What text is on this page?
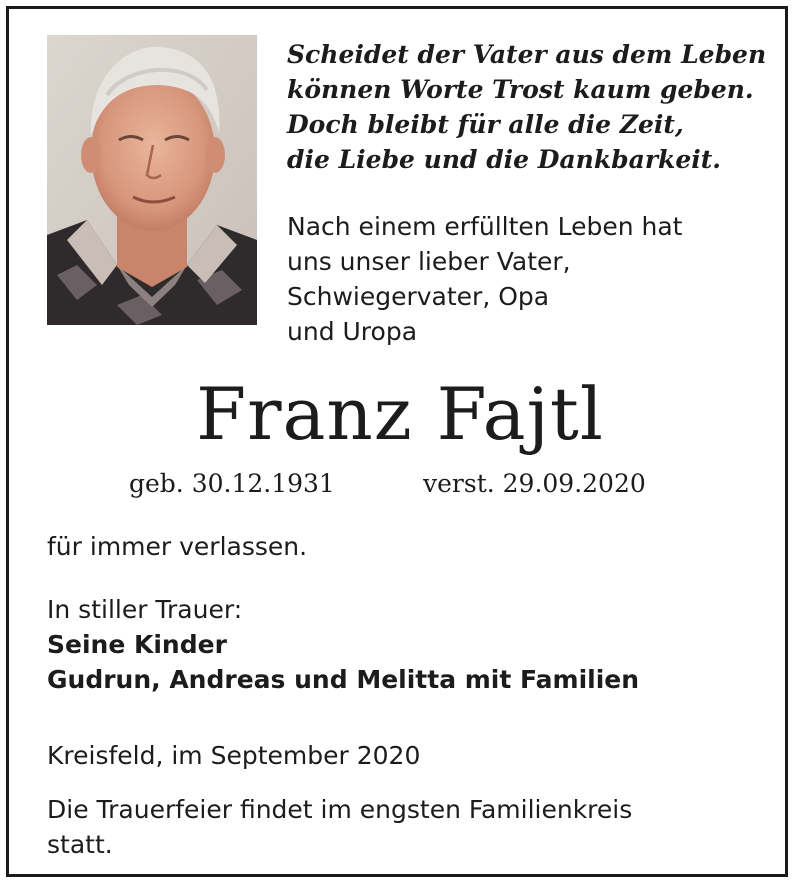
Scheidet der Vater aus dem Leben
können Worte Trost kaum geben.
Doch bleibt für alle die Zeit,
die Liebe und die Dankbarkeit.
Nach einem erfüllten Leben hat
uns unser lieber Vater,
Schwiegervater, Opa
und Uropa
Franz Fajtl
geb. 30.12.1931	verst. 29.09.2020
für immer verlassen.
In stiller Trauer:
Seine Kinder
Gudrun, Andreas und Melitta mit Familien
Kreisfeld, im September 2020
Die Trauerfeier findet im engsten Familienkreis
statt.
